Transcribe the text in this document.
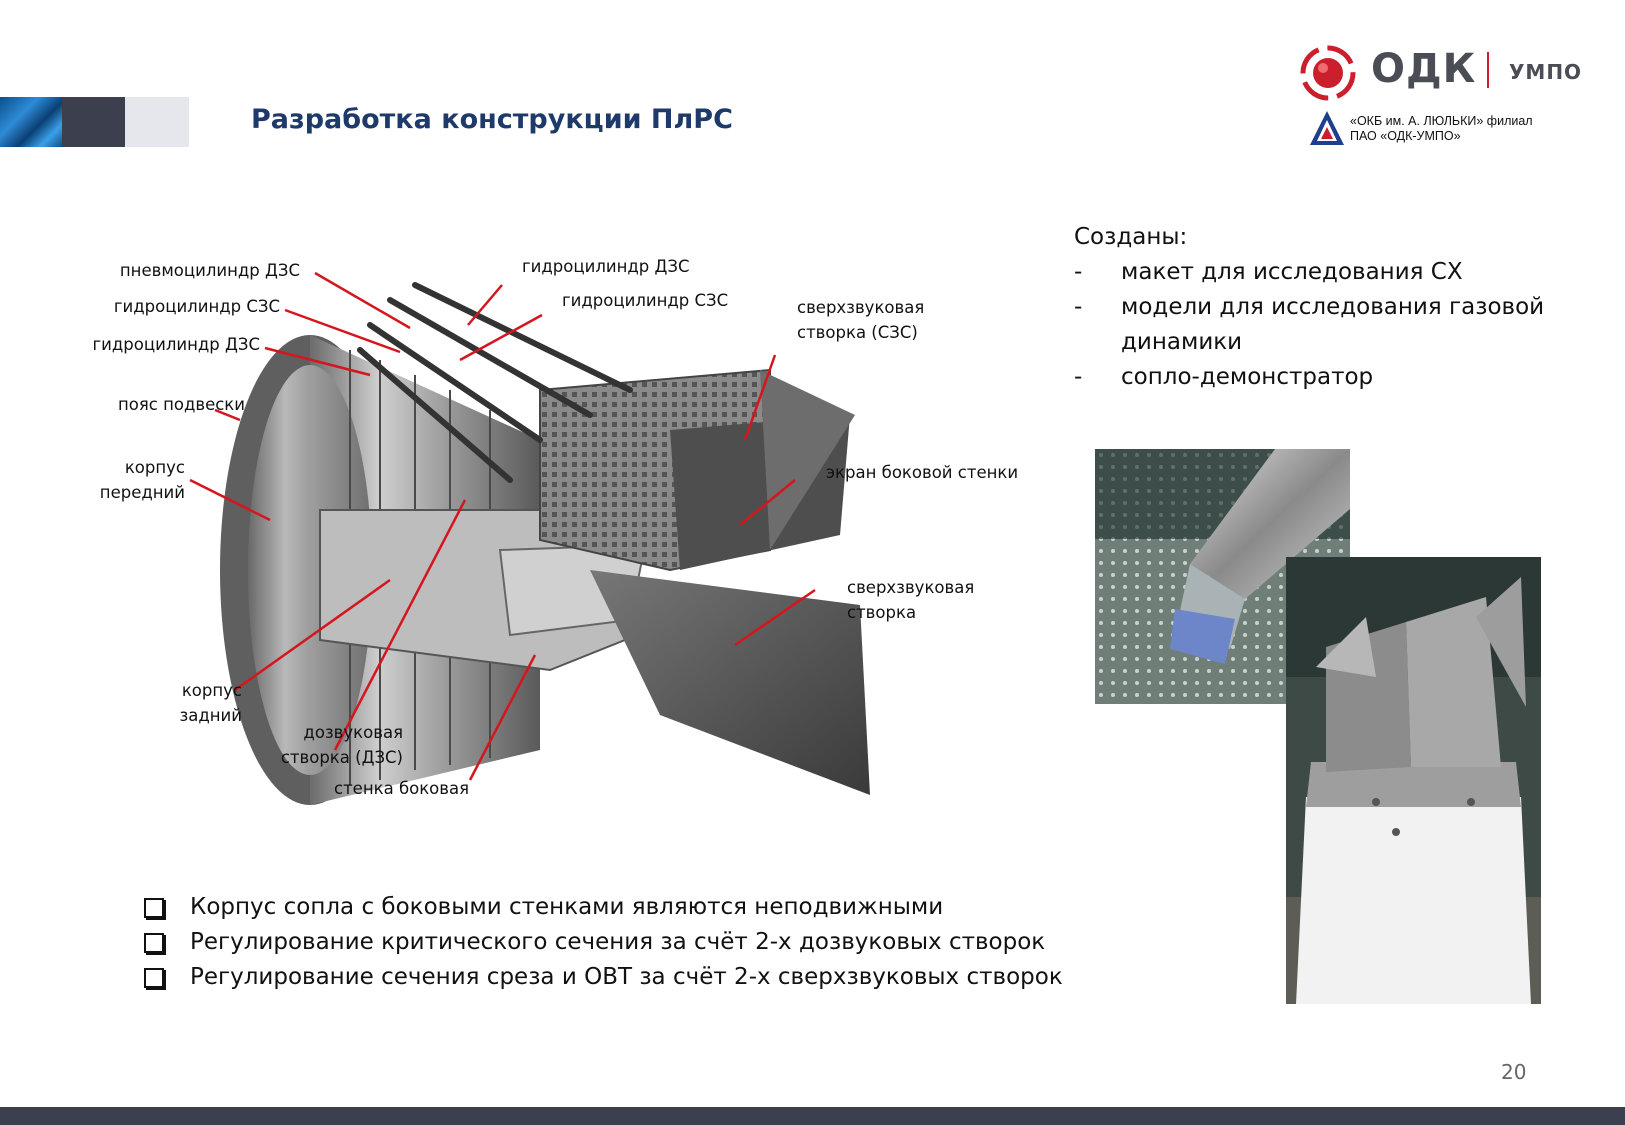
Разработка конструкции ПлРС
ОДК УМПО
«ОКБ им. А. ЛЮЛЬКИ» филиал
ПАО «ОДК-УМПО»
пневмоцилиндр ДЗС
гидроцилиндр СЗС
гидроцилиндр ДЗС
пояс подвески
корпус
передний
корпус
задний
дозвуковая
створка (ДЗС)
стенка боковая
гидроцилиндр ДЗС
гидроцилиндр СЗС	сверхзвуковая
створка (СЗС)
экран боковой стенки
сверхзвуковая
створка
Созданы:
-	макет для исследования СХ
-	модели для исследования газовой динамики
-	сопло-демонстратор
Корпус сопла с боковыми стенками являются неподвижными
Регулирование критического сечения за счёт 2-х дозвуковых створок
Регулирование сечения среза и ОВТ за счёт 2-х сверхзвуковых створок
20
